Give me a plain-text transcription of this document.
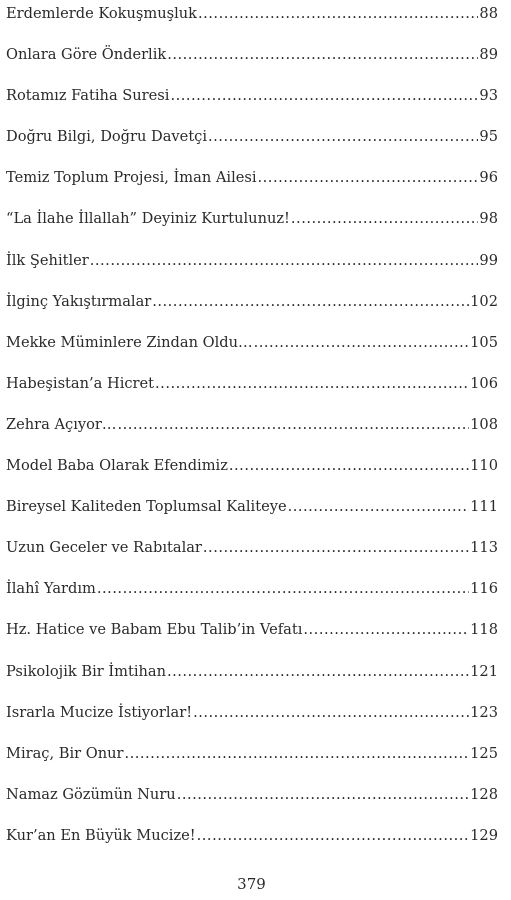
Erdemlerde Kokuşmuşluk .....	88
Onlara Göre Önderlik .....	89
Rotamız Fatiha Suresi .....	93
Doğru Bilgi, Doğru Davetçi .....	95
Temiz Toplum Projesi, İman Ailesi .....	96
“La İlahe İllallah” Deyiniz Kurtulunuz! .....	98
İlk Şehitler .....	99
İlginç Yakıştırmalar .....	102
Mekke Müminlere Zindan Oldu… .....	105
Habeşistan’a Hicret .....	106
Zehra Açıyor… .....	108
Model Baba Olarak Efendimiz .....	110
Bireysel Kaliteden Toplumsal Kaliteye .....	111
Uzun Geceler ve Rabıtalar .....	113
İlahî Yardım .....	116
Hz. Hatice ve Babam Ebu Talib’in Vefatı .....	118
Psikolojik Bir İmtihan .....	121
Israrla Mucize İstiyorlar! .....	123
Miraç, Bir Onur .....	125
Namaz Gözümün Nuru .....	128
Kur’an En Büyük Mucize! .....	129
379
